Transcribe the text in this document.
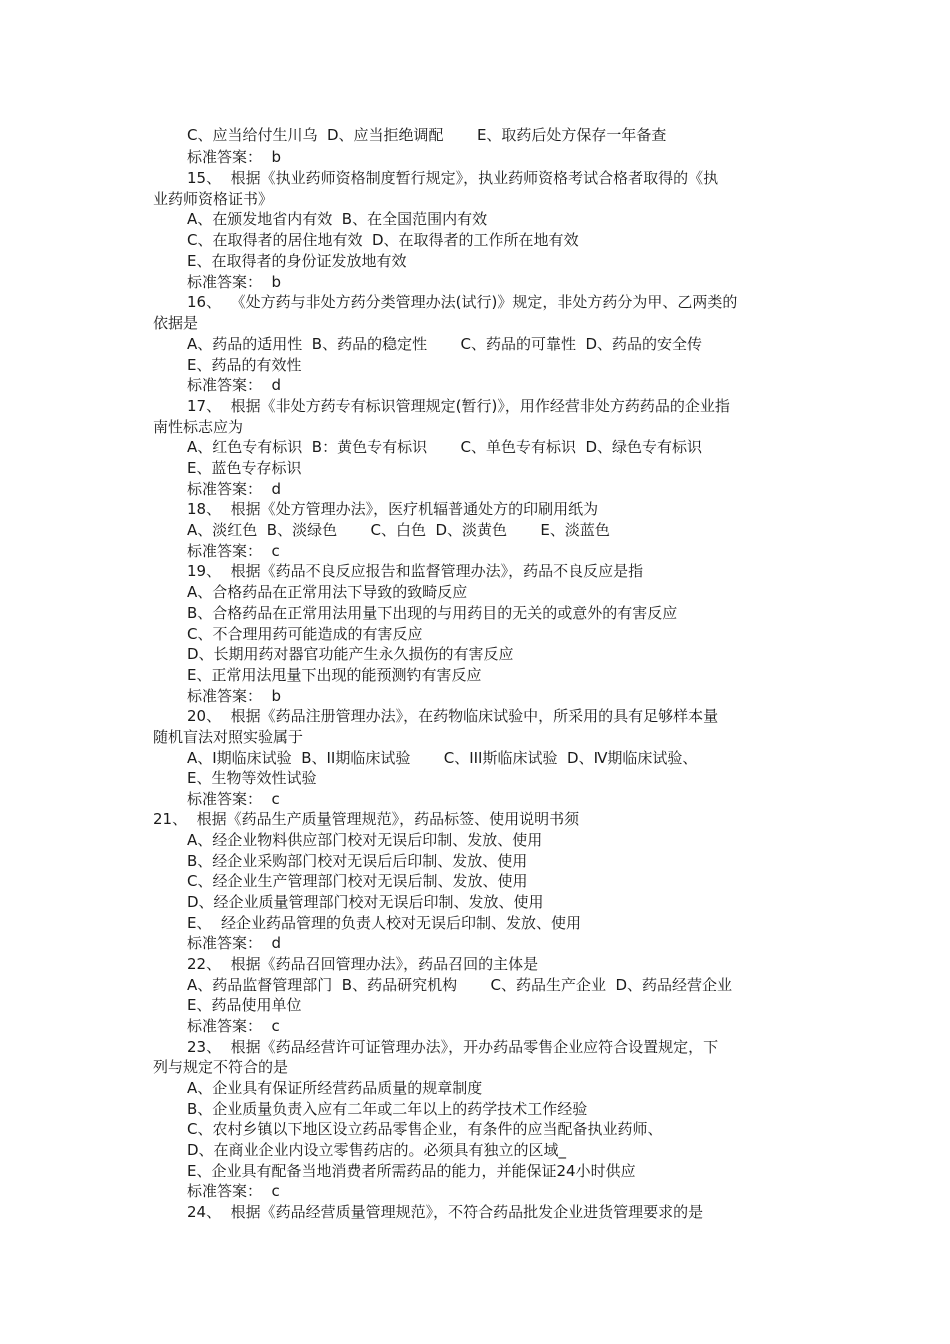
C、应当给付生川乌  D、应当拒绝调配       E、取药后处方保存一年备查
标准答案：  b
15、  根据《执业药师资格制度暂行规定》，执业药师资格考试合格者取得的《执
业药师资格证书》
A、在颁发地省内有效  B、在全国范围内有效
C、在取得者的居住地有效  D、在取得者的工作所在地有效
E、在取得者的身份证发放地有效
标准答案：  b
16、  《处方药与非处方药分类管理办法(试行)》规定，非处方药分为甲、乙两类的
依据是
A、药品的适用性  B、药品的稳定性       C、药品的可靠性  D、药品的安全传
E、药品的有效性
标准答案：  d
17、  根据《非处方药专有标识管理规定(暂行)》，用作经营非处方药药品的企业指
南性标志应为
A、红色专有标识  B：黄色专有标识       C、单色专有标识  D、绿色专有标识
E、蓝色专存标识
标准答案：  d
18、  根据《处方管理办法》，医疗机辐普通处方的印刷用纸为
A、淡红色  B、淡绿色       C、白色  D、淡黄色       E、淡蓝色
标准答案：  c
19、  根据《药品不良反应报告和监督管理办法》，药品不良反应是指
A、合格药品在正常用法下导致的致畸反应
B、合格药品在正常用法用量下出现的与用药目的无关的或意外的有害反应
C、不合理用药可能造成的有害反应
D、长期用药对器官功能产生永久损伤的有害反应
E、正常用法甩量下出现的能预测钓有害反应
标准答案：  b
20、  根据《药品注册管理办法》，在药物临床试验中，所采用的具有足够样本量
随机盲法对照实验属于
A、I期临床试验  B、II期临床试验       C、III斯临床试验  D、Ⅳ期临床试验、
E、生物等效性试验
标准答案：  c
21、  根据《药品生产质量管理规范》，药品标签、使用说明书须
A、经企业物料供应部门校对无误后印制、发放、使用
B、经企业采购部门校对无误后后印制、发放、使用
C、经企业生产管理部门校对无误后制、发放、使用
D、经企业质量管理部门校对无误后印制、发放、使用
E、  经企业药品管理的负责人校对无误后印制、发放、使用
标准答案：  d
22、  根据《药品召回管理办法》，药品召回的主体是
A、药品监督管理部门  B、药品研究机构       C、药品生产企业  D、药品经营企业
E、药品使用单位
标准答案：  c
23、  根据《药品经营许可证管理办法》，开办药品零售企业应符合设置规定，下
列与规定不符合的是
A、企业具有保证所经营药品质量的规章制度
B、企业质量负责入应有二年或二年以上的药学技术工作经验
C、农村乡镇以下地区设立药品零售企业，有条件的应当配备执业药师、
D、在商业企业内设立零售药店的。必须具有独立的区域_
E、企业具有配备当地消费者所需药品的能力，并能保证24小时供应
标准答案：  c
24、  根据《药品经营质量管理规范》，不符合药品批发企业进货管理要求的是
